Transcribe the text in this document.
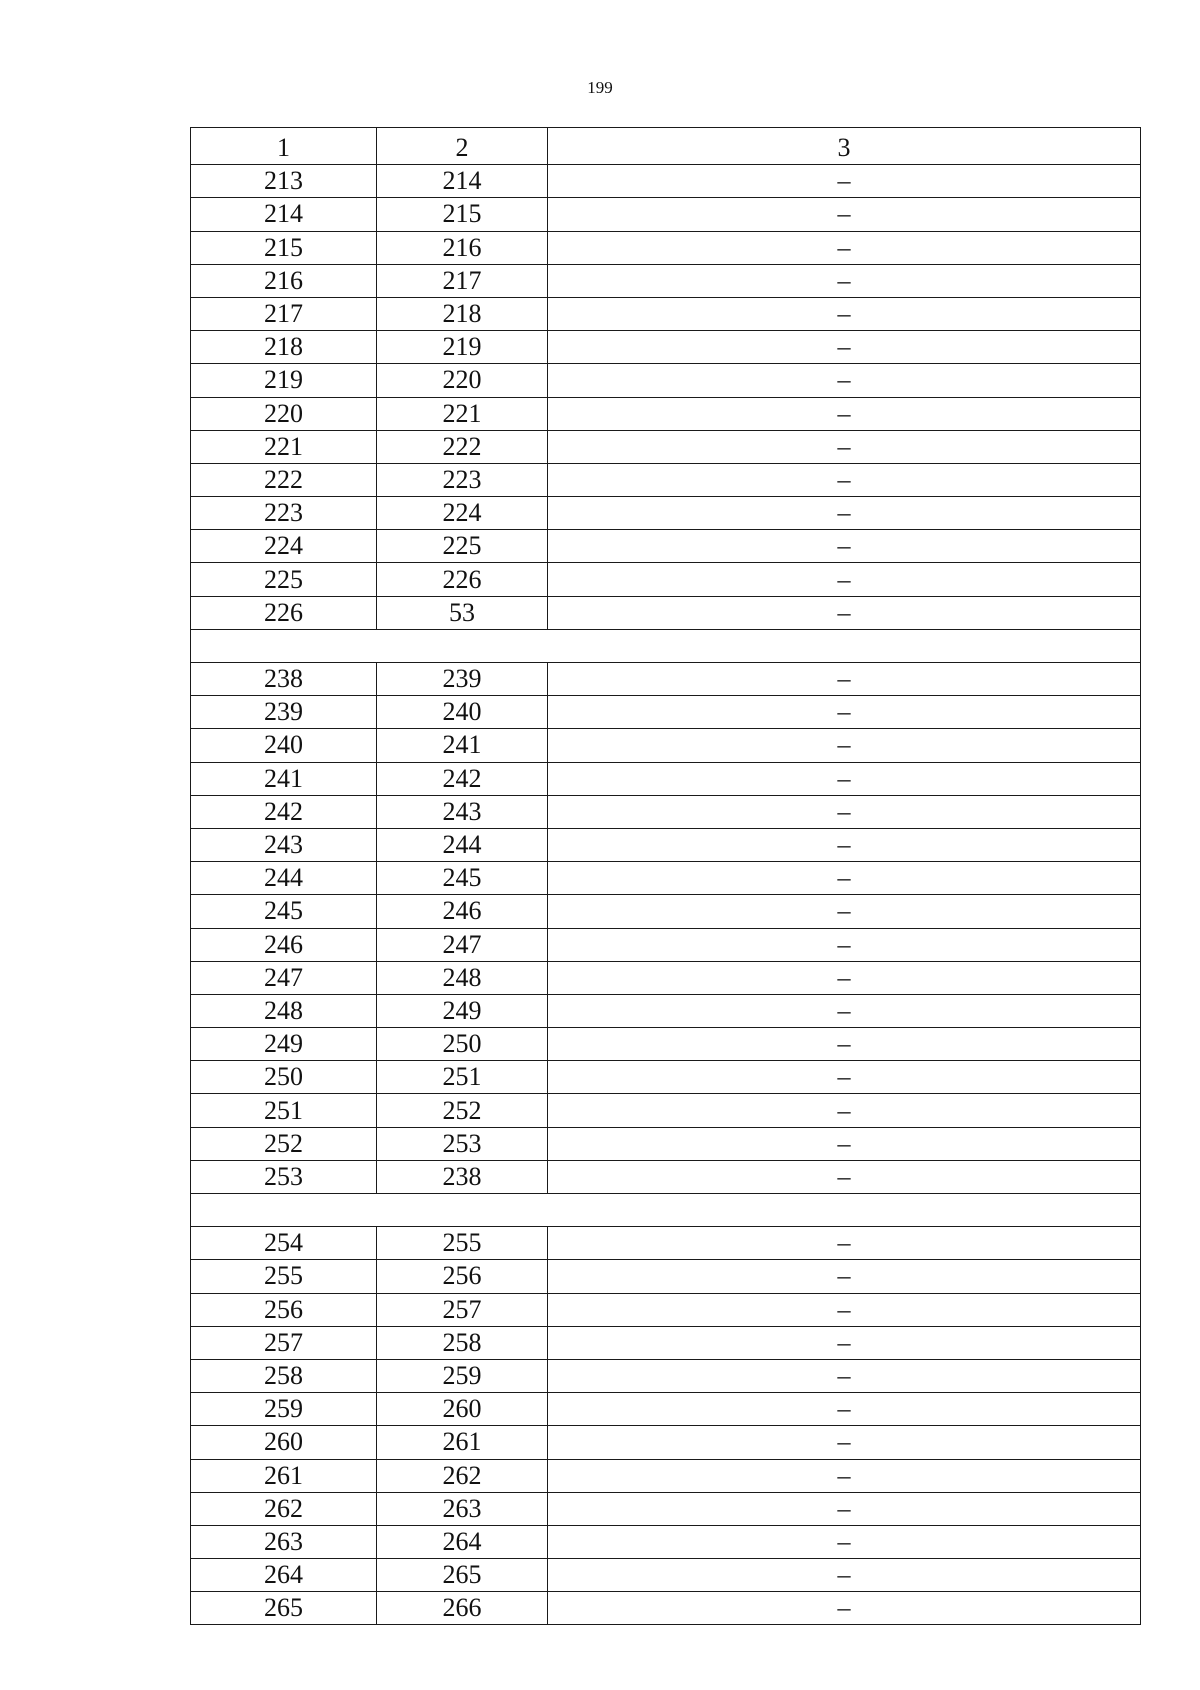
199
1	2	3
213	214	–
214	215	–
215	216	–
216	217	–
217	218	–
218	219	–
219	220	–
220	221	–
221	222	–
222	223	–
223	224	–
224	225	–
225	226	–
226	53	–

238	239	–
239	240	–
240	241	–
241	242	–
242	243	–
243	244	–
244	245	–
245	246	–
246	247	–
247	248	–
248	249	–
249	250	–
250	251	–
251	252	–
252	253	–
253	238	–

254	255	–
255	256	–
256	257	–
257	258	–
258	259	–
259	260	–
260	261	–
261	262	–
262	263	–
263	264	–
264	265	–
265	266	–
